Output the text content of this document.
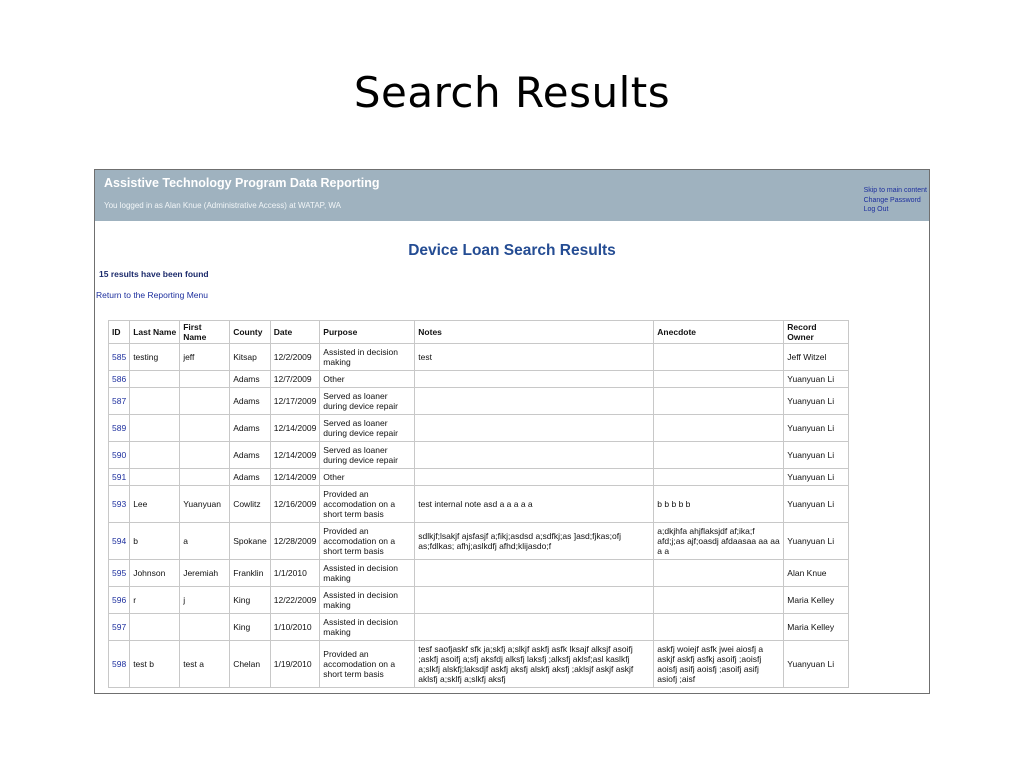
Search Results
Assistive Technology Program Data Reporting
You logged in as Alan Knue (Administrative Access) at WATAP, WA
Skip to main content
Change Password
Log Out
Device Loan Search Results
15 results have been found
Return to the Reporting Menu
ID	Last Name	First Name	County	Date	Purpose	Notes	Anecdote	Record Owner
585	testing	jeff	Kitsap	12/2/2009	Assisted in decision making	test		Jeff Witzel
586			Adams	12/7/2009	Other			Yuanyuan Li
587			Adams	12/17/2009	Served as loaner during device repair			Yuanyuan Li
589			Adams	12/14/2009	Served as loaner during device repair			Yuanyuan Li
590			Adams	12/14/2009	Served as loaner during device repair			Yuanyuan Li
591			Adams	12/14/2009	Other			Yuanyuan Li
593	Lee	Yuanyuan	Cowlitz	12/16/2009	Provided an accomodation on a short term basis	test internal note asd a a a a a	b b b b b	Yuanyuan Li
594	b	a	Spokane	12/28/2009	Provided an accomodation on a short term basis	sdlkjf;lsakjf ajsfasjf a;fikj;asdsd a;sdfkj;as ]asd;fjkas;ofj as;fdlkas; afhj;aslkdfj afhd;klijasdo;f	a;dkjhfa ahjflaksjdf af;ika;f afd;j;as ajf;oasdj afdaasaa aa aa a a	Yuanyuan Li
595	Johnson	Jeremiah	Franklin	1/1/2010	Assisted in decision making			Alan Knue
596	r	j	King	12/22/2009	Assisted in decision making			Maria Kelley
597			King	1/10/2010	Assisted in decision making			Maria Kelley
598	test b	test a	Chelan	1/19/2010	Provided an accomodation on a short term basis	tesf saofjaskf sfk ja;skfj a;slkjf askfj asfk lksajf alksjf asoifj ;askfj asoifj a;sfj aksfdj alksfj laksfj ;alksfj aklsf;asl kaslkfj a;slkfj alskfj;laksdjf askfj aksfj alskfj aksfj ;aklsjf askjf askjf aklsfj a;sklfj a;slkfj aksfj	askfj woiejf asfk jwei aiosfj a askjf askfj asfkj asoifj ;aoisfj aoisfj asifj aoisfj ;asoifj asifj asiofj ;aisf	Yuanyuan Li
